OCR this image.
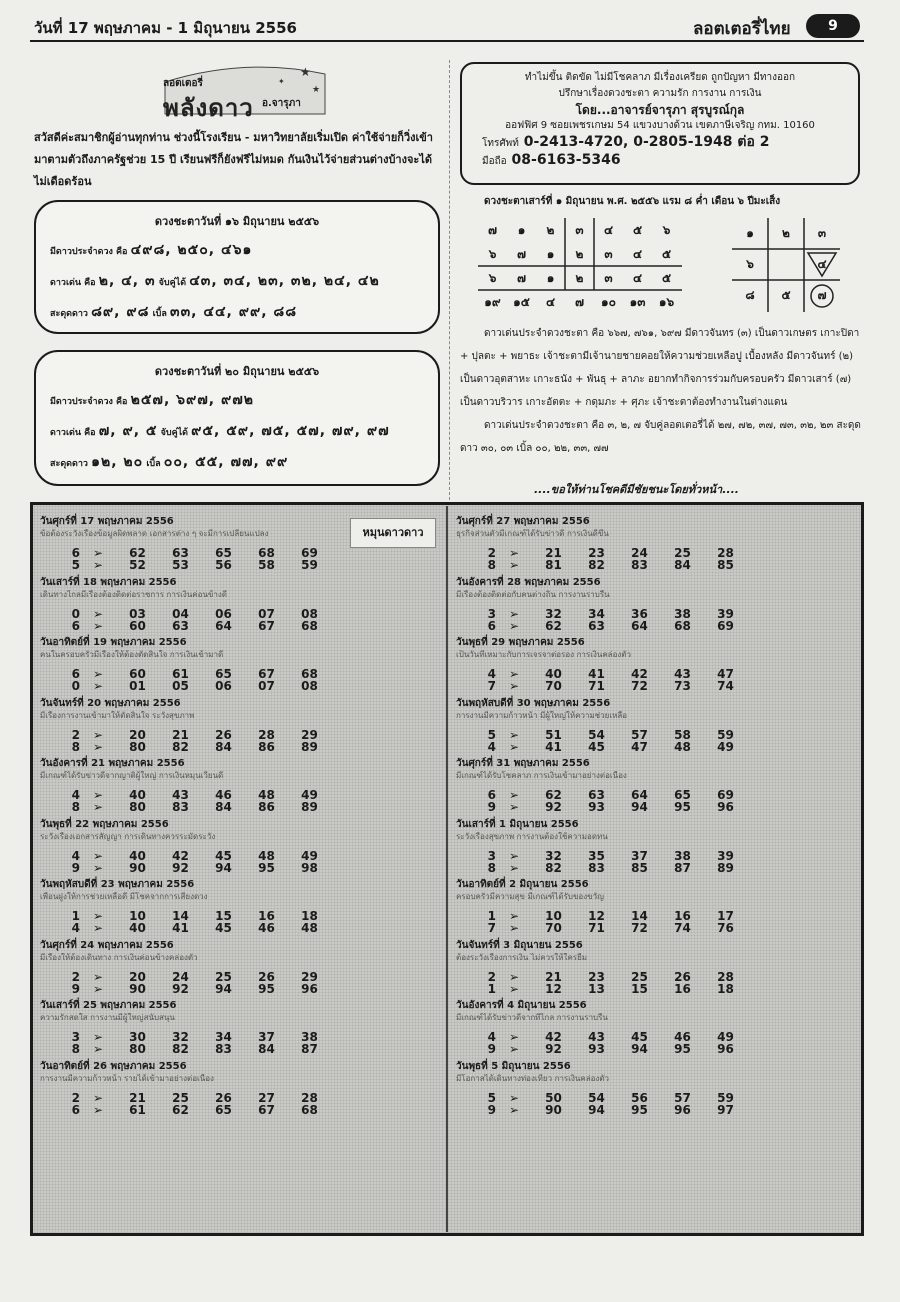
วันที่ 17 พฤษภาคม - 1 มิถุนายน 2556	ลอตเตอรี่ไทย	9
★
✦
★
ลอตเตอรี่
พลังดาว อ.จารุภา
สวัสดีค่ะสมาชิกผู้อ่านทุกท่าน ช่วงนี้โรงเรียน - มหาวิทยาลัยเริ่มเปิด ค่าใช้จ่ายก็วิ่งเข้ามาตามตัวถึงภาครัฐช่วย 15 ปี เรียนฟรีก็ยังฟรีไม่หมด กันเงินไว้จ่ายส่วนต่างบ้างจะได้ไม่เดือดร้อน
ดวงชะตาวันที่ ๑๖ มิถุนายน ๒๕๕๖
มีดาวประจำดวง คือ ๔๙๘, ๒๕๐, ๔๖๑
ดาวเด่น คือ ๒, ๔, ๓ จับคู่ได้ ๔๓, ๓๔, ๒๓, ๓๒, ๒๔, ๔๒
สะดุดดาว ๘๙, ๙๘ เบิ้ล ๓๓, ๔๔, ๙๙, ๘๘
ดวงชะตาวันที่ ๒๐ มิถุนายน ๒๕๕๖
มีดาวประจำดวง คือ ๒๕๗, ๖๙๗, ๙๗๒
ดาวเด่น คือ ๗, ๙, ๕ จับคู่ได้ ๙๕, ๕๙, ๗๕, ๕๗, ๗๙, ๙๗
สะดุดดาว ๑๒, ๒๐ เบิ้ล ๐๐, ๕๕, ๗๗, ๙๙
ทำไม่ขึ้น ติดขัด ไม่มีโชคลาภ มีเรื่องเครียด ถูกปัญหา มีทางออก
ปรึกษาเรื่องดวงชะตา ความรัก การงาน การเงิน
โดย...อาจารย์จารุภา สุรบูรณ์กุล
ออฟฟิศ 9 ซอยเพชรเกษม 54 แขวงบางด้วน เขตภาษีเจริญ กทม. 10160
โทรศัพท์ 0-2413-4720, 0-2805-1948 ต่อ 2
มือถือ 08-6163-5346
ดวงชะตาเสาร์ที่ ๑ มิถุนายน พ.ศ. ๒๕๕๖ แรม ๘ ค่ำ เดือน ๖ ปีมะเส็ง
๗	๑	๒	๓	๔	๕	๖
๖	๗	๑	๒	๓	๔	๕
๖	๗	๑	๒	๓	๔	๕
๑๙	๑๕	๔	๗	๑๐	๑๓	๑๖
๑	๒	๓
๖		๔
๘	๕	๗

ดาวเด่นประจำดวงชะตา คือ ๖๖๗, ๗๖๑, ๖๙๗ มีดาวจันทร (๓) เป็นดาวเกษตร เกาะปิดา + ปุลตะ + พยาธะ เจ้าชะตามีเจ้านายชายคอยให้ความช่วยเหลือปู เบื้องหลัง มีดาวจันทร์ (๒) เป็นดาวอุตสาหะ เกาะธนัง + พันธุ + ลาภะ อยากทำกิจการร่วมกับครอบครัว มีดาวเสาร์ (๗) เป็นดาวบริวาร เกาะอัตตะ + กดุมภะ + ศุภะ เจ้าชะตาต้องทำงานในต่างแดน

ดาวเด่นประจำดวงชะตา คือ ๓, ๒, ๗ จับคู่ลอตเตอรี่ได้ ๒๗, ๗๒, ๓๗, ๗๓, ๓๒, ๒๓ สะดุดดาว ๓๐, ๐๓ เบิ้ล ๐๐, ๒๒, ๓๓, ๗๗

....ขอให้ท่านโชคดีมีชัยชนะโดยทั่วหน้า....
วันศุกร์ที่ 17 พฤษภาคม 2556
ข้อต้องระวังเรื่องข้อมูลผิดพลาด เอกสารต่าง ๆ จะมีการเปลี่ยนแปลง
6 ➢ 62 63 65 68 69
5 ➢ 52 53 56 58 59
วันเสาร์ที่ 18 พฤษภาคม 2556
เดินทางไกลมีเรื่องต้องติดต่อราชการ การเงินค่อนข้างดี
0 ➢ 03 04 06 07 08
6 ➢ 60 63 64 67 68
วันอาทิตย์ที่ 19 พฤษภาคม 2556
คนในครอบครัวมีเรื่องให้ต้องตัดสินใจ การเงินเข้ามาดี
6 ➢ 60 61 65 67 68
0 ➢ 01 05 06 07 08
วันจันทร์ที่ 20 พฤษภาคม 2556
มีเรื่องการงานเข้ามาให้ตัดสินใจ ระวังสุขภาพ
2 ➢ 20 21 26 28 29
8 ➢ 80 82 84 86 89
วันอังคารที่ 21 พฤษภาคม 2556
มีเกณฑ์ได้รับข่าวดีจากญาติผู้ใหญ่ การเงินหมุนเวียนดี
4 ➢ 40 43 46 48 49
8 ➢ 80 83 84 86 89
วันพุธที่ 22 พฤษภาคม 2556
ระวังเรื่องเอกสารสัญญา การเดินทางควรระมัดระวัง
4 ➢ 40 42 45 48 49
9 ➢ 90 92 94 95 98
วันพฤหัสบดีที่ 23 พฤษภาคม 2556
เพื่อนฝูงให้การช่วยเหลือดี มีโชคจากการเสี่ยงดวง
1 ➢ 10 14 15 16 18
4 ➢ 40 41 45 46 48
วันศุกร์ที่ 24 พฤษภาคม 2556
มีเรื่องให้ต้องเดินทาง การเงินค่อนข้างคล่องตัว
2 ➢ 20 24 25 26 29
9 ➢ 90 92 94 95 96
วันเสาร์ที่ 25 พฤษภาคม 2556
ความรักสดใส การงานมีผู้ใหญ่สนับสนุน
3 ➢ 30 32 34 37 38
8 ➢ 80 82 83 84 87
วันอาทิตย์ที่ 26 พฤษภาคม 2556
การงานมีความก้าวหน้า รายได้เข้ามาอย่างต่อเนื่อง
2 ➢ 21 25 26 27 28
6 ➢ 61 62 65 67 68
วันศุกร์ที่ 27 พฤษภาคม 2556
ธุรกิจส่วนตัวมีเกณฑ์ได้รับข่าวดี การเงินดีขึ้น
2 ➢ 21 23 24 25 28
8 ➢ 81 82 83 84 85
วันอังคารที่ 28 พฤษภาคม 2556
มีเรื่องต้องติดต่อกับคนต่างถิ่น การงานราบรื่น
3 ➢ 32 34 36 38 39
6 ➢ 62 63 64 68 69
วันพุธที่ 29 พฤษภาคม 2556
เป็นวันที่เหมาะกับการเจรจาต่อรอง การเงินคล่องตัว
4 ➢ 40 41 42 43 47
7 ➢ 70 71 72 73 74
วันพฤหัสบดีที่ 30 พฤษภาคม 2556
การงานมีความก้าวหน้า มีผู้ใหญ่ให้ความช่วยเหลือ
5 ➢ 51 54 57 58 59
4 ➢ 41 45 47 48 49
วันศุกร์ที่ 31 พฤษภาคม 2556
มีเกณฑ์ได้รับโชคลาภ การเงินเข้ามาอย่างต่อเนื่อง
6 ➢ 62 63 64 65 69
9 ➢ 92 93 94 95 96
วันเสาร์ที่ 1 มิถุนายน 2556
ระวังเรื่องสุขภาพ การงานต้องใช้ความอดทน
3 ➢ 32 35 37 38 39
8 ➢ 82 83 85 87 89
วันอาทิตย์ที่ 2 มิถุนายน 2556
ครอบครัวมีความสุข มีเกณฑ์ได้รับของขวัญ
1 ➢ 10 12 14 16 17
7 ➢ 70 71 72 74 76
วันจันทร์ที่ 3 มิถุนายน 2556
ต้องระวังเรื่องการเงิน ไม่ควรให้ใครยืม
2 ➢ 21 23 25 26 28
1 ➢ 12 13 15 16 18
วันอังคารที่ 4 มิถุนายน 2556
มีเกณฑ์ได้รับข่าวดีจากที่ไกล การงานราบรื่น
4 ➢ 42 43 45 46 49
9 ➢ 92 93 94 95 96
วันพุธที่ 5 มิถุนายน 2556
มีโอกาสได้เดินทางท่องเที่ยว การเงินคล่องตัว
5 ➢ 50 54 56 57 59
9 ➢ 90 94 95 96 97
หมุนดาวดาว
